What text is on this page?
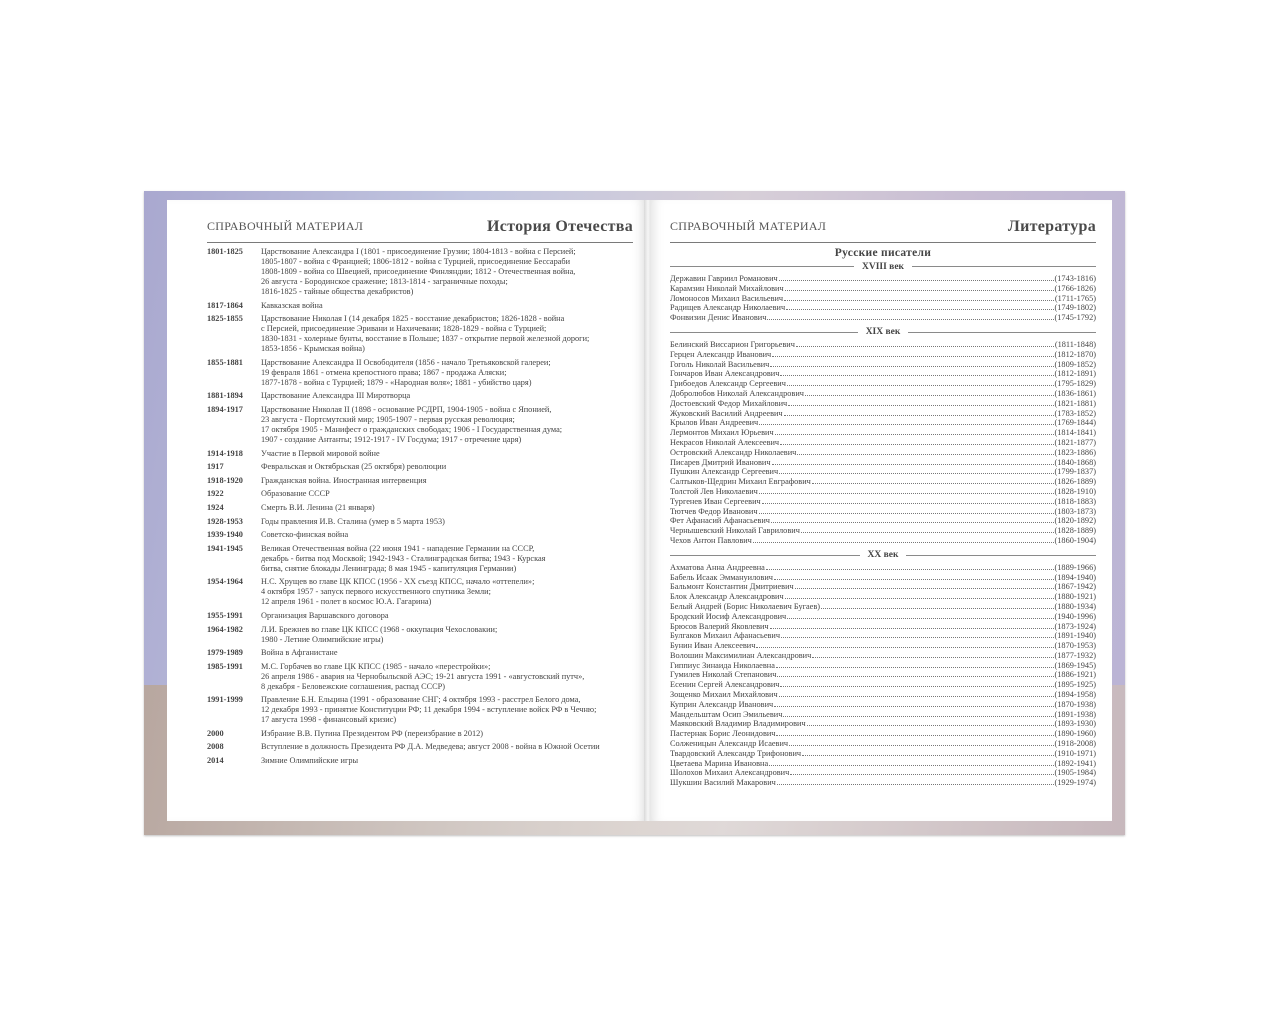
СПРАВОЧНЫЙ МАТЕРИАЛ	История Отечества
1801-1825	Царствование Александра I (1801 - присоединение Грузии; 1804-1813 - война с Персией;
1805-1807 - война с Францией; 1806-1812 - война с Турцией, присоединение Бессараби
1808-1809 - война со Швецией, присоединение Финляндии; 1812 - Отечественная война,
26 августа - Бородинское сражение; 1813-1814 - заграничные походы;
1816-1825 - тайные общества декабристов)
1817-1864	Кавказская война
1825-1855	Царствование Николая I (14 декабря 1825 - восстание декабристов; 1826-1828 - война
с Персией, присоединение Эривани и Нахичевани; 1828-1829 - война с Турцией;
1830-1831 - холерные бунты, восстание в Польше; 1837 - открытие первой железной дороги;
1853-1856 - Крымская война)
1855-1881	Царствование Александра II Освободителя (1856 - начало Третьяковской галереи;
19 февраля 1861 - отмена крепостного права; 1867 - продажа Аляски;
1877-1878 - война с Турцией; 1879 - «Народная воля»; 1881 - убийство царя)
1881-1894	Царствование Александра III Миротворца
1894-1917	Царствование Николая II (1898 - основание РСДРП, 1904-1905 - война с Японией,
23 августа - Портсмутский мир; 1905-1907 - первая русская революция;
17 октября 1905 - Манифест о гражданских свободах; 1906 - I Государственная дума;
1907 - создание Антанты; 1912-1917 - IV Госдума; 1917 - отречение царя)
1914-1918	Участие в Первой мировой войне
1917	Февральская и Октябрьская (25 октября) революции
1918-1920	Гражданская война. Иностранная интервенция
1922	Образование СССР
1924	Смерть В.И. Ленина (21 января)
1928-1953	Годы правления И.В. Сталина (умер в 5 марта 1953)
1939-1940	Советско-финская война
1941-1945	Великая Отечественная война (22 июня 1941 - нападение Германии на СССР,
декабрь - битва под Москвой; 1942-1943 - Сталинградская битва; 1943 - Курская
битва, снятие блокады Ленинграда; 8 мая 1945 - капитуляция Германии)
1954-1964	Н.С. Хрущев во главе ЦК КПСС (1956 - XX съезд КПСС, начало «оттепели»;
4 октября 1957 - запуск первого искусственного спутника Земли;
12 апреля 1961 - полет в космос Ю.А. Гагарина)
1955-1991	Организация Варшавского договора
1964-1982	Л.И. Брежнев во главе ЦК КПСС (1968 - оккупация Чехословакии;
1980 - Летние Олимпийские игры)
1979-1989	Война в Афганистане
1985-1991	М.С. Горбачев во главе ЦК КПСС (1985 - начало «перестройки»;
26 апреля 1986 - авария на Чернобыльской АЭС; 19-21 августа 1991 - «августовский путч»,
8 декабря - Беловежские соглашения, распад СССР)
1991-1999	Правление Б.Н. Ельцина (1991 - образование СНГ; 4 октября 1993 - расстрел Белого дома,
12 декабря 1993 - принятие Конституции РФ; 11 декабря 1994 - вступление войск РФ в Чечню;
17 августа 1998 - финансовый кризис)
2000	Избрание В.В. Путина Президентом РФ (переизбрание в 2012)
2008	Вступление в должность Президента РФ Д.А. Медведева; август 2008 - война в Южной Осетии
2014	Зимние Олимпийские игры
СПРАВОЧНЫЙ МАТЕРИАЛ	Литература
Русские писатели
XVIII век
Державин Гавриил Романович	(1743-1816)
Карамзин Николай Михайлович	(1766-1826)
Ломоносов Михаил Васильевич	(1711-1765)
Радищев Александр Николаевич	(1749-1802)
Фонвизин Денис Иванович	(1745-1792)
XIX век
Белинский Виссарион Григорьевич	(1811-1848)
Герцен Александр Иванович	(1812-1870)
Гоголь Николай Васильевич	(1809-1852)
Гончаров Иван Александрович	(1812-1891)
Грибоедов Александр Сергеевич	(1795-1829)
Добролюбов Николай Александрович	(1836-1861)
Достоевский Федор Михайлович	(1821-1881)
Жуковский Василий Андреевич	(1783-1852)
Крылов Иван Андреевич	(1769-1844)
Лермонтов Михаил Юрьевич	(1814-1841)
Некрасов Николай Алексеевич	(1821-1877)
Островский Александр Николаевич	(1823-1886)
Писарев Дмитрий Иванович	(1840-1868)
Пушкин Александр Сергеевич	(1799-1837)
Салтыков-Щедрин Михаил Евграфович	(1826-1889)
Толстой Лев Николаевич	(1828-1910)
Тургенев Иван Сергеевич	(1818-1883)
Тютчев Федор Иванович	(1803-1873)
Фет Афанасий Афанасьевич	(1820-1892)
Чернышевский Николай Гаврилович	(1828-1889)
Чехов Антон Павлович	(1860-1904)
XX век
Ахматова Анна Андреевна	(1889-1966)
Бабель Исаак Эммануилович	(1894-1940)
Бальмонт Константин Дмитриевич	(1867-1942)
Блок Александр Александрович	(1880-1921)
Белый Андрей (Борис Николаевич Бугаев)	(1880-1934)
Бродский Иосиф Александрович	(1940-1996)
Брюсов Валерий Яковлевич	(1873-1924)
Булгаков Михаил Афанасьевич	(1891-1940)
Бунин Иван Алексеевич	(1870-1953)
Волошин Максимилиан Александрович	(1877-1932)
Гиппиус Зинаида Николаевна	(1869-1945)
Гумилев Николай Степанович	(1886-1921)
Есенин Сергей Александрович	(1895-1925)
Зощенко Михаил Михайлович	(1894-1958)
Куприн Александр Иванович	(1870-1938)
Мандельштам Осип Эмильевич	(1891-1938)
Маяковский Владимир Владимирович	(1893-1930)
Пастернак Борис Леонидович	(1890-1960)
Солженицын Александр Исаевич	(1918-2008)
Твардовский Александр Трифонович	(1910-1971)
Цветаева Марина Ивановна	(1892-1941)
Шолохов Михаил Александрович	(1905-1984)
Шукшин Василий Макарович	(1929-1974)
